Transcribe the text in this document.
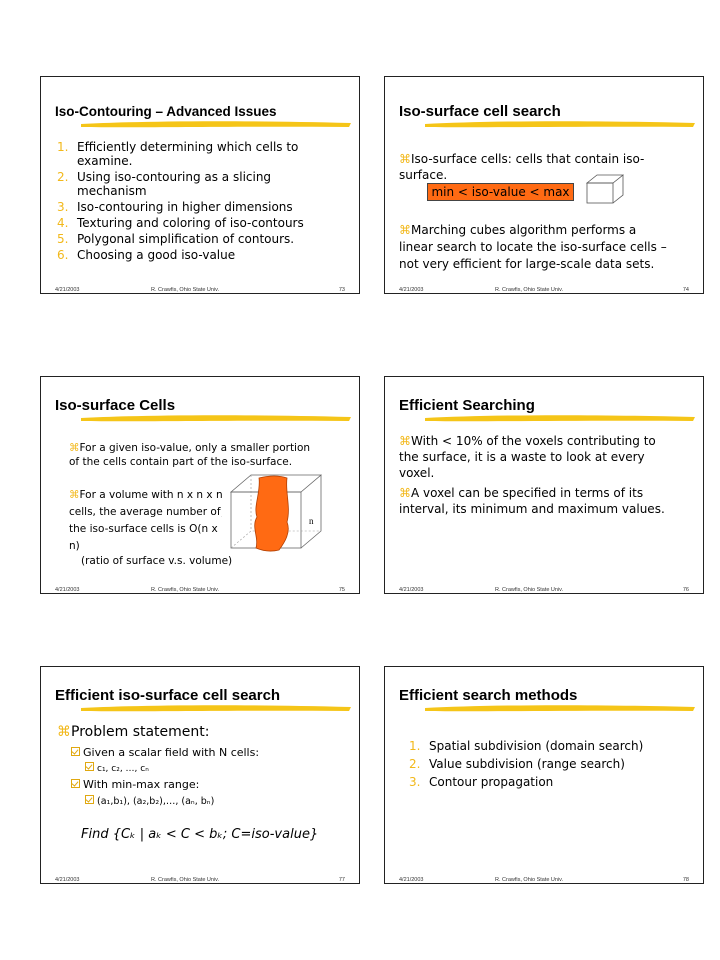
Iso-Contouring – Advanced Issues
1. Efficiently determining which cells to examine.
2. Using iso-contouring as a slicing mechanism
3. Iso-contouring in higher dimensions
4. Texturing and coloring of iso-contours
5. Polygonal simplification of contours.
6. Choosing a good iso-value
4/21/2003	R. Crawfis, Ohio State Univ.	73
Iso-surface cell search
⌘Iso-surface cells: cells that contain iso-surface.
min < iso-value < max
⌘Marching cubes algorithm performs a linear search to locate the iso-surface cells – not very efficient for large-scale data sets.
4/21/2003	R. Crawfis, Ohio State Univ.	74
Iso-surface Cells
⌘For a given iso-value, only a smaller portion of the cells contain part of the iso-surface.
⌘For a volume with n x n x n cells, the average number of the iso-surface cells is O(n x n)
(ratio of surface v.s. volume)
n
4/21/2003	R. Crawfis, Ohio State Univ.	75
Efficient Searching
⌘With < 10% of the voxels contributing to the surface, it is a waste to look at every voxel.
⌘A voxel can be specified in terms of its interval, its minimum and maximum values.
4/21/2003	R. Crawfis, Ohio State Univ.	76
Efficient iso-surface cell search
⌘Problem statement:
Given a scalar field with N cells:
c₁, c₂, …, cₙ
With min-max range:
(a₁,b₁), (a₂,b₂),…, (aₙ, bₙ)
Find {Cₖ | aₖ < C < bₖ; C=iso-value}
4/21/2003	R. Crawfis, Ohio State Univ.	77
Efficient search methods
1. Spatial subdivision (domain search)
2. Value subdivision (range search)
3. Contour propagation
4/21/2003	R. Crawfis, Ohio State Univ.	78
